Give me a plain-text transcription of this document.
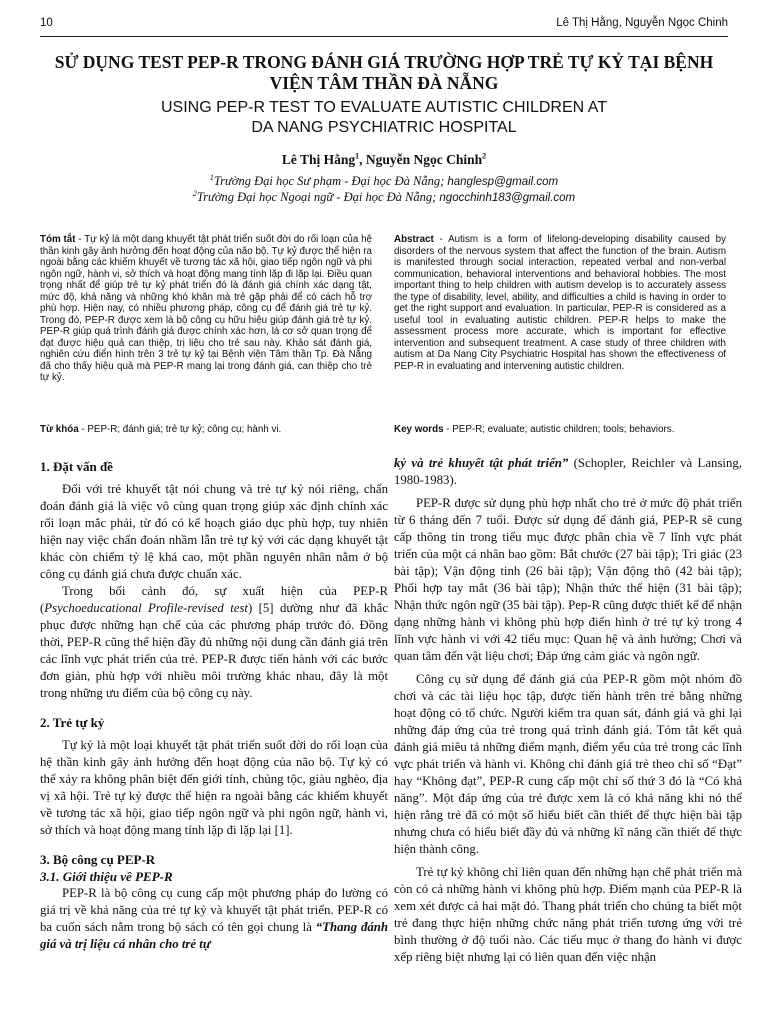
10	Lê Thị Hằng, Nguyễn Ngọc Chinh
SỬ DỤNG TEST PEP-R TRONG ĐÁNH GIÁ TRƯỜNG HỢP TRẺ TỰ KỶ TẠI BỆNH VIỆN TÂM THẦN ĐÀ NẴNG
USING PEP-R TEST TO EVALUATE AUTISTIC CHILDREN AT
DA NANG PSYCHIATRIC HOSPITAL
Lê Thị Hằng$^1$, Nguyễn Ngọc Chinh$^2$
$^1$Trường Đại học Sư phạm - Đại học Đà Nẵng; hanglesp@gmail.com
$^2$Trường Đại học Ngoại ngữ - Đại học Đà Nẵng; ngocchinh183@gmail.com
Tóm tắt - Tự kỷ là một dạng khuyết tật phát triển suốt đời do rối loạn của hệ thần kinh gây ảnh hưởng đến hoạt động của não bộ. Tự kỷ được thể hiện ra ngoài bằng các khiếm khuyết về tương tác xã hội, giao tiếp ngôn ngữ và phi ngôn ngữ, hành vi, sở thích và hoạt động mang tính lặp đi lặp lại. Điều quan trọng nhất để giúp trẻ tự kỷ phát triển đó là đánh giá chính xác dạng tật, mức độ, khả năng và những khó khăn mà trẻ gặp phải để có cách hỗ trợ phù hợp. Hiện nay, có nhiều phương pháp, công cụ để đánh giá trẻ tự kỷ. Trong đó, PEP-R được xem là bộ công cụ hữu hiệu giúp đánh giá trẻ tự kỷ. PEP-R giúp quá trình đánh giá được chính xác hơn, là cơ sở quan trọng để đạt được hiệu quả can thiệp, trị liệu cho trẻ sau này. Khảo sát đánh giá, nghiên cứu điển hình trên 3 trẻ tự kỷ tại Bệnh viện Tâm thần Tp. Đà Nẵng đã cho thấy hiệu quả mà PEP-R mang lại trong đánh giá, can thiệp cho trẻ tự kỷ.
Từ khóa - PEP-R; đánh giá; trẻ tự kỷ; công cụ; hành vi.
Abstract - Autism is a form of lifelong-developing disability caused by disorders of the nervous system that affect the function of the brain. Autism is manifested through social interaction, repeated verbal and non-verbal communication, behavioral interventions and behavioral hobbies. The most important thing to help children with autism develop is to accurately assess the type of disability, level, ability, and difficulties a child is having in order to get the right support and evaluation. In particular, PEP-R is considered as a useful tool in evaluating autistic children. PEP-R helps to make the assessment process more accurate, which is important for effective intervention and subsequent treatment. A case study of three children with autism at Da Nang City Psychiatric Hospital has shown the effectiveness of PEP-R in evaluating and intervening autistic children.
Key words - PEP-R; evaluate; autistic children; tools; behaviors.
1. Đặt vấn đề

Đối với trẻ khuyết tật nói chung và trẻ tự kỷ nói riêng, chẩn đoán đánh giá là việc vô cùng quan trọng giúp xác định chính xác rối loạn mắc phải, từ đó có kế hoạch giáo dục phù hợp, tuy nhiên hiện nay việc chẩn đoán nhầm lẫn trẻ tự kỷ với các dạng khuyết tật khác còn chiếm tỷ lệ khá cao, một phần nguyên nhân nằm ở bộ công cụ đánh giá chưa được chuẩn xác.

Trong bối cảnh đó, sự xuất hiện của PEP-R (Psychoeducational Profile-revised test) [5] dường như đã khắc phục được những hạn chế của các phương pháp trước đó. Đồng thời, PEP-R cũng thể hiện đầy đủ những nội dung cần đánh giá trên các lĩnh vực phát triển của trẻ. PEP-R được tiến hành với các bước đơn giản, phù hợp với nhiều môi trường khác nhau, đây là một trong những ưu điểm của bộ công cụ này.

2. Trẻ tự kỷ

Tự kỷ là một loại khuyết tật phát triển suốt đời do rối loạn của hệ thần kinh gây ảnh hưởng đến hoạt động của não bộ. Tự kỷ có thể xảy ra không phân biệt đến giới tính, chủng tộc, giàu nghèo, địa vị xã hội. Trẻ tự kỷ được thể hiện ra ngoài bằng các khiếm khuyết về tương tác xã hội, giao tiếp ngôn ngữ và phi ngôn ngữ, hành vi, sở thích và hoạt động mang tính lặp đi lặp lại [1].

3. Bộ công cụ PEP-R
3.1. Giới thiệu về PEP-R

PEP-R là bộ công cụ cung cấp một phương pháp đo lường có giá trị về khả năng của trẻ tự kỷ và khuyết tật phát triển. PEP-R có ba cuốn sách nằm trong bộ sách có tên gọi chung là “Thang đánh giá và trị liệu cá nhân cho trẻ tự

kỷ và trẻ khuyết tật phát triển” (Schopler, Reichler và Lansing, 1980-1983).

PEP-R được sử dụng phù hợp nhất cho trẻ ở mức độ phát triển từ 6 tháng đến 7 tuổi. Được sử dụng để đánh giá, PEP-R sẽ cung cấp thông tin trong tiểu mục được phân chia về 7 lĩnh vực phát triển của một cá nhân bao gồm: Bắt chước (27 bài tập); Tri giác (23 bài tập); Vận động tinh (26 bài tập); Vận động thô (42 bài tập); Phối hợp tay mắt (36 bài tập); Nhận thức thể hiện (31 bài tập); Nhận thức ngôn ngữ (35 bài tập). Pep-R cũng được thiết kế để nhận dạng những hành vi không phù hợp điển hình ở trẻ tự kỷ trong 4 lĩnh vực hành vi với 42 tiểu mục: Quan hệ và ảnh hưởng; Chơi và quan tâm đến vật liệu chơi; Đáp ứng cảm giác và ngôn ngữ.

Công cụ sử dụng để đánh giá của PEP-R gồm một nhóm đồ chơi và các tài liệu học tập, được tiến hành trên trẻ bằng những hoạt động có tổ chức. Người kiểm tra quan sát, đánh giá và ghi lại những đáp ứng của trẻ trong quá trình đánh giá. Tóm tắt kết quả đánh giá miêu tả những điểm mạnh, điểm yếu của trẻ trong các lĩnh vực phát triển và hành vi. Không chỉ đánh giá trẻ theo chỉ số “Đạt” hay “Không đạt”, PEP-R cung cấp một chỉ số thứ 3 đó là “Có khả năng”. Một đáp ứng của trẻ được xem là có khả năng khi nó thể hiện rằng trẻ đã có một số hiểu biết cần thiết để thực hiện bài tập nhưng chưa có hiểu biết đầy đủ và những kĩ năng cần thiết để thực hiện thành công.

Trẻ tự kỷ không chỉ liên quan đến những hạn chế phát triển mà còn có cả những hành vi không phù hợp. Điểm mạnh của PEP-R là xem xét được cả hai mặt đó. Thang phát triển cho chúng ta biết một trẻ đang thực hiện những chức năng phát triển tương ứng với trẻ bình thường ở độ tuổi nào. Các tiểu mục ở thang đo hành vi được xếp riêng biệt nhưng lại có liên quan đến việc nhận
